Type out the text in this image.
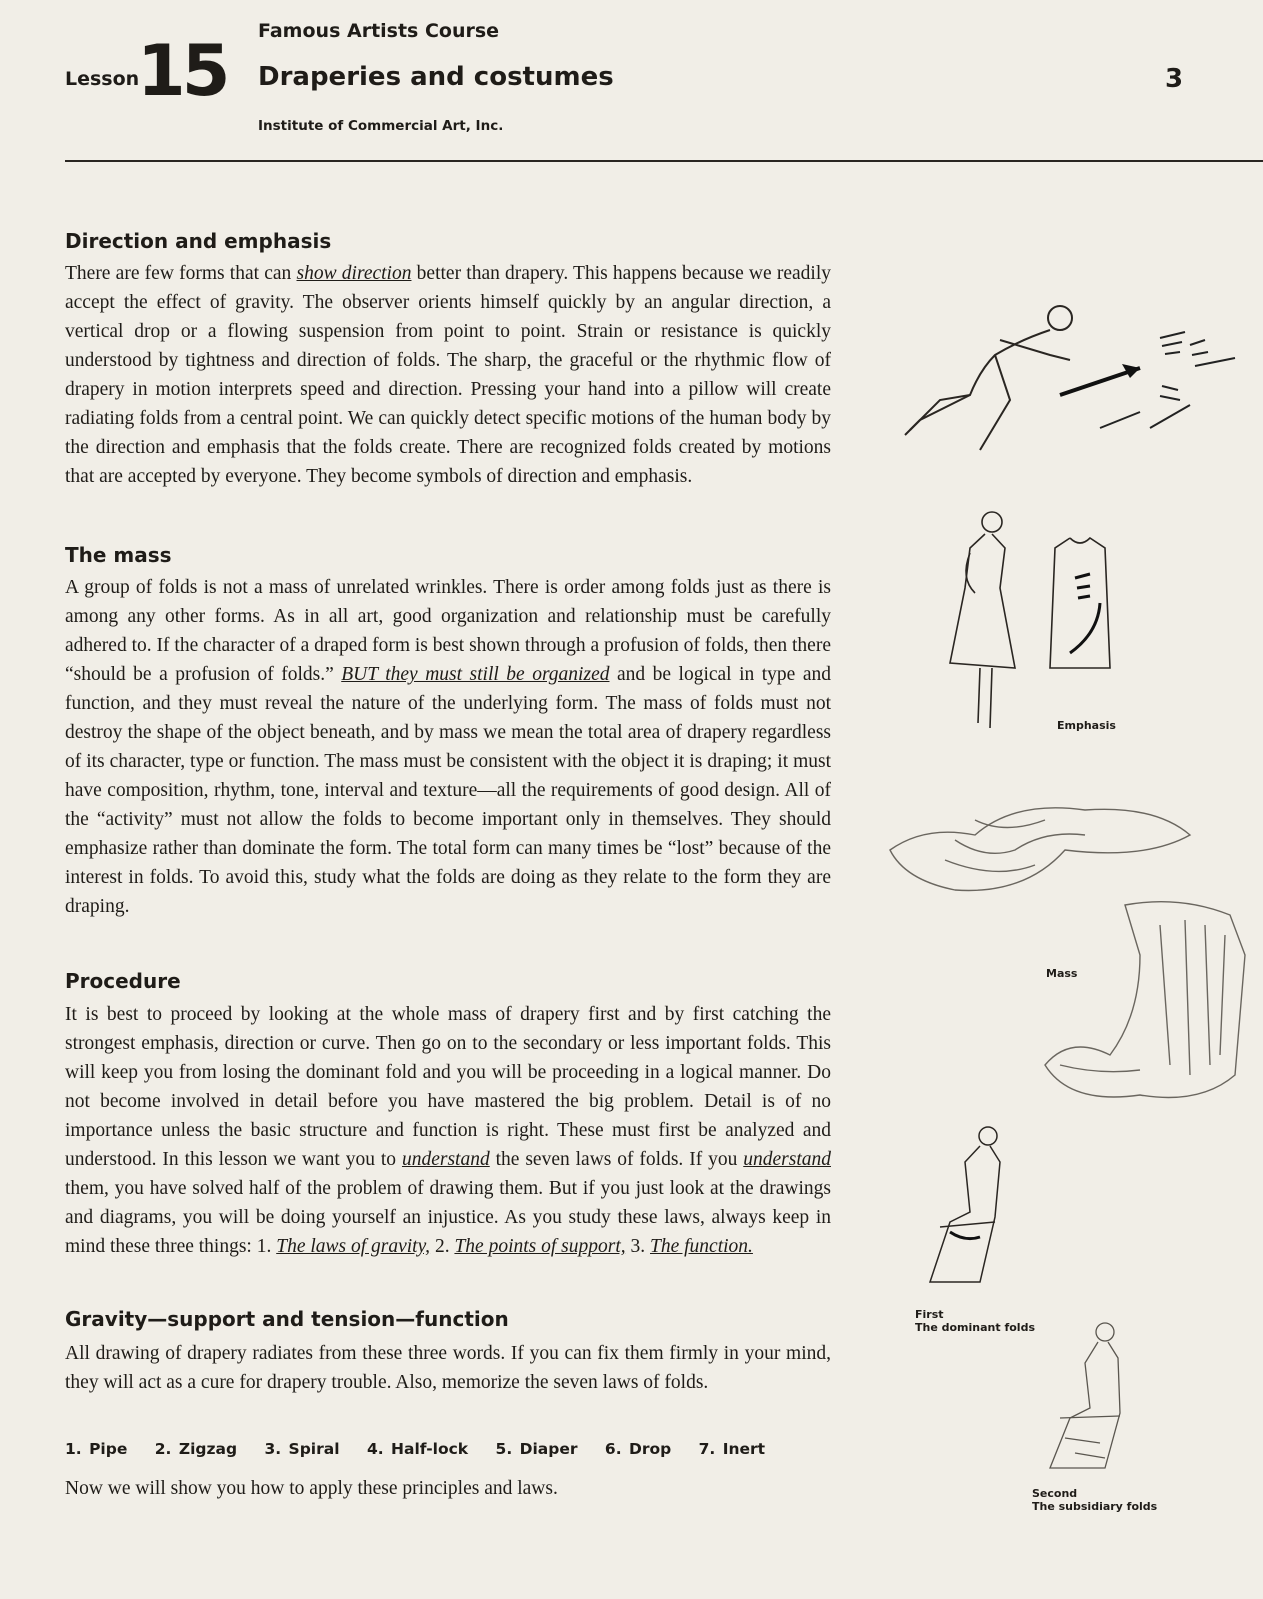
Lesson
15 Famous Artists Course
Draperies and costumes
Institute of Commercial Art, Inc.
3
Direction and emphasis
There are few forms that can show direction better than drapery. This happens because we readily accept the effect of gravity. The observer orients himself quickly by an angular direction, a vertical drop or a flowing suspension from point to point. Strain or resistance is quickly understood by tightness and direction of folds. The sharp, the graceful or the rhythmic flow of drapery in motion interprets speed and direction. Pressing your hand into a pillow will create radiating folds from a central point. We can quickly detect specific motions of the human body by the direction and emphasis that the folds create. There are recognized folds created by motions that are accepted by everyone. They become symbols of direction and emphasis.
The mass
A group of folds is not a mass of unrelated wrinkles. There is order among folds just as there is among any other forms. As in all art, good organization and relationship must be carefully adhered to. If the character of a draped form is best shown through a profusion of folds, then there “should be a profusion of folds.” BUT they must still be organized and be logical in type and function, and they must reveal the nature of the underlying form. The mass of folds must not destroy the shape of the object beneath, and by mass we mean the total area of drapery regardless of its character, type or function. The mass must be consistent with the object it is draping; it must have composition, rhythm, tone, interval and texture—all the requirements of good design. All of the “activity” must not allow the folds to become important only in themselves. They should emphasize rather than dominate the form. The total form can many times be “lost” because of the interest in folds. To avoid this, study what the folds are doing as they relate to the form they are draping.
Procedure
It is best to proceed by looking at the whole mass of drapery first and by first catching the strongest emphasis, direction or curve. Then go on to the secondary or less important folds. This will keep you from losing the dominant fold and you will be proceeding in a logical manner. Do not become involved in detail before you have mastered the big problem. Detail is of no importance unless the basic structure and function is right. These must first be analyzed and understood. In this lesson we want you to understand the seven laws of folds. If you understand them, you have solved half of the problem of drawing them. But if you just look at the drawings and diagrams, you will be doing yourself an injustice. As you study these laws, always keep in mind these three things: 1. The laws of gravity, 2. The points of support, 3. The function.
Gravity—support and tension—function
All drawing of drapery radiates from these three words. If you can fix them firmly in your mind, they will act as a cure for drapery trouble. Also, memorize the seven laws of folds.
1. Pipe 2. Zigzag 3. Spiral 4. Half-lock 5. Diaper 6. Drop 7. Inert
Now we will show you how to apply these principles and laws.
Emphasis
Mass
First
The dominant folds
Second
The subsidiary folds
